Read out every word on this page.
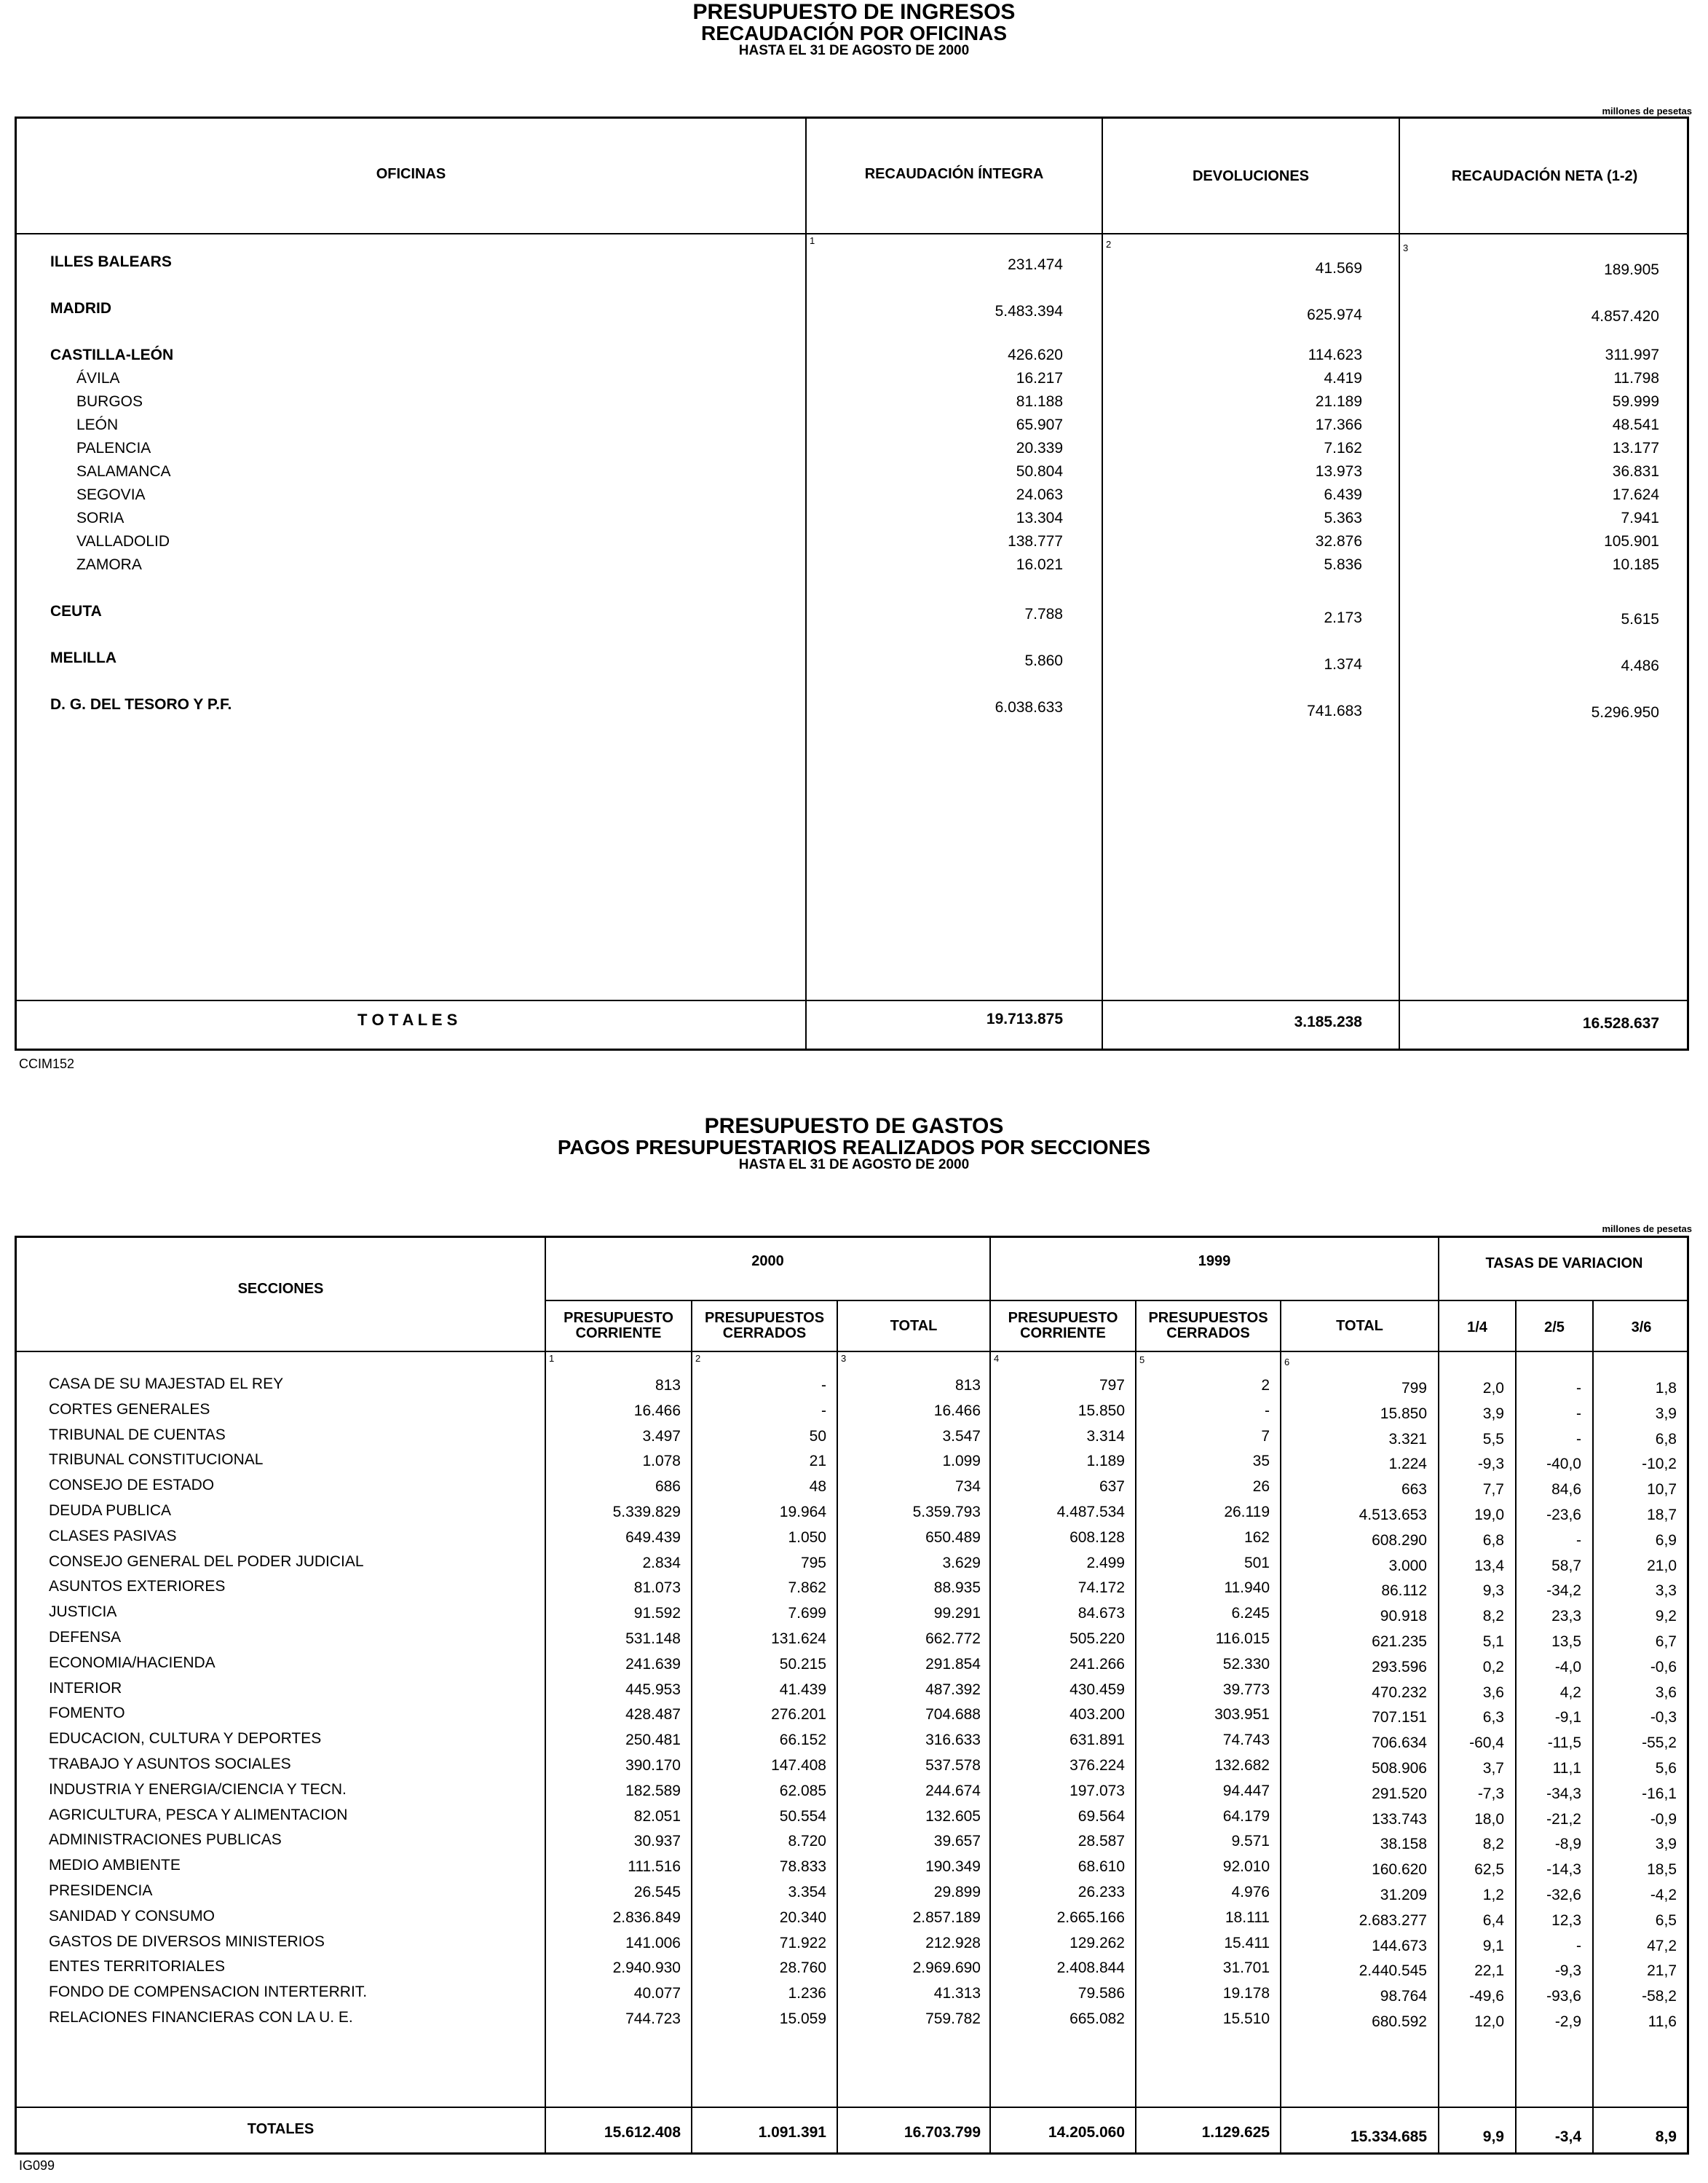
PRESUPUESTO DE INGRESOS
RECAUDACIÓN POR OFICINAS
HASTA EL 31 DE AGOSTO DE 2000
millones de pesetas
OFICINAS	RECAUDACIÓN ÍNTEGRA	DEVOLUCIONES	RECAUDACIÓN NETA (1-2)
1	2	3
ILLES BALEARS	231.474	41.569	189.905
MADRID	5.483.394	625.974	4.857.420
CASTILLA-LEÓN	426.620	114.623	311.997
ÁVILA	16.217	4.419	11.798
BURGOS	81.188	21.189	59.999
LEÓN	65.907	17.366	48.541
PALENCIA	20.339	7.162	13.177
SALAMANCA	50.804	13.973	36.831
SEGOVIA	24.063	6.439	17.624
SORIA	13.304	5.363	7.941
VALLADOLID	138.777	32.876	105.901
ZAMORA	16.021	5.836	10.185
CEUTA	7.788	2.173	5.615
MELILLA	5.860	1.374	4.486
D. G. DEL TESORO Y P.F.	6.038.633	741.683	5.296.950
T O T A L E S	19.713.875	3.185.238	16.528.637
CCIM152
PRESUPUESTO DE GASTOS
PAGOS PRESUPUESTARIOS REALIZADOS POR SECCIONES
HASTA EL 31 DE AGOSTO DE 2000
millones de pesetas
SECCIONES
2000	1999	TASAS DE VARIACION
PRESUPUESTO CORRIENTE
PRESUPUESTOS CERRADOS	TOTAL	PRESUPUESTO CORRIENTE
PRESUPUESTOS CERRADOS	TOTAL	1/4	2/5	3/6
1	2	3	4	5	6
CASA DE SU MAJESTAD EL REY	813	-	813	797	2	799	2,0	-	1,8
CORTES GENERALES	16.466	-	16.466	15.850	-	15.850	3,9	-	3,9
TRIBUNAL DE CUENTAS	3.497	50	3.547	3.314	7	3.321	5,5	-	6,8
TRIBUNAL CONSTITUCIONAL	1.078	21	1.099	1.189	35	1.224	-9,3	-40,0	-10,2
CONSEJO DE ESTADO	686	48	734	637	26	663	7,7	84,6	10,7
DEUDA PUBLICA	5.339.829	19.964	5.359.793	4.487.534	26.119	4.513.653	19,0	-23,6	18,7
CLASES PASIVAS	649.439	1.050	650.489	608.128	162	608.290	6,8	-	6,9
CONSEJO GENERAL DEL PODER JUDICIAL	2.834	795	3.629	2.499	501	3.000	13,4	58,7	21,0
ASUNTOS EXTERIORES	81.073	7.862	88.935	74.172	11.940	86.112	9,3	-34,2	3,3
JUSTICIA	91.592	7.699	99.291	84.673	6.245	90.918	8,2	23,3	9,2
DEFENSA	531.148	131.624	662.772	505.220	116.015	621.235	5,1	13,5	6,7
ECONOMIA/HACIENDA	241.639	50.215	291.854	241.266	52.330	293.596	0,2	-4,0	-0,6
INTERIOR	445.953	41.439	487.392	430.459	39.773	470.232	3,6	4,2	3,6
FOMENTO	428.487	276.201	704.688	403.200	303.951	707.151	6,3	-9,1	-0,3
EDUCACION, CULTURA Y DEPORTES	250.481	66.152	316.633	631.891	74.743	706.634	-60,4	-11,5	-55,2
TRABAJO Y ASUNTOS SOCIALES	390.170	147.408	537.578	376.224	132.682	508.906	3,7	11,1	5,6
INDUSTRIA Y ENERGIA/CIENCIA Y TECN.	182.589	62.085	244.674	197.073	94.447	291.520	-7,3	-34,3	-16,1
AGRICULTURA, PESCA Y ALIMENTACION	82.051	50.554	132.605	69.564	64.179	133.743	18,0	-21,2	-0,9
ADMINISTRACIONES PUBLICAS	30.937	8.720	39.657	28.587	9.571	38.158	8,2	-8,9	3,9
MEDIO AMBIENTE	111.516	78.833	190.349	68.610	92.010	160.620	62,5	-14,3	18,5
PRESIDENCIA	26.545	3.354	29.899	26.233	4.976	31.209	1,2	-32,6	-4,2
SANIDAD Y CONSUMO	2.836.849	20.340	2.857.189	2.665.166	18.111	2.683.277	6,4	12,3	6,5
GASTOS DE DIVERSOS MINISTERIOS	141.006	71.922	212.928	129.262	15.411	144.673	9,1	-	47,2
ENTES TERRITORIALES	2.940.930	28.760	2.969.690	2.408.844	31.701	2.440.545	22,1	-9,3	21,7
FONDO DE COMPENSACION INTERTERRIT.	40.077	1.236	41.313	79.586	19.178	98.764	-49,6	-93,6	-58,2
RELACIONES FINANCIERAS CON LA U. E.	744.723	15.059	759.782	665.082	15.510	680.592	12,0	-2,9	11,6
TOTALES	15.612.408	1.091.391	16.703.799	14.205.060	1.129.625	15.334.685	9,9	-3,4	8,9
IG099
